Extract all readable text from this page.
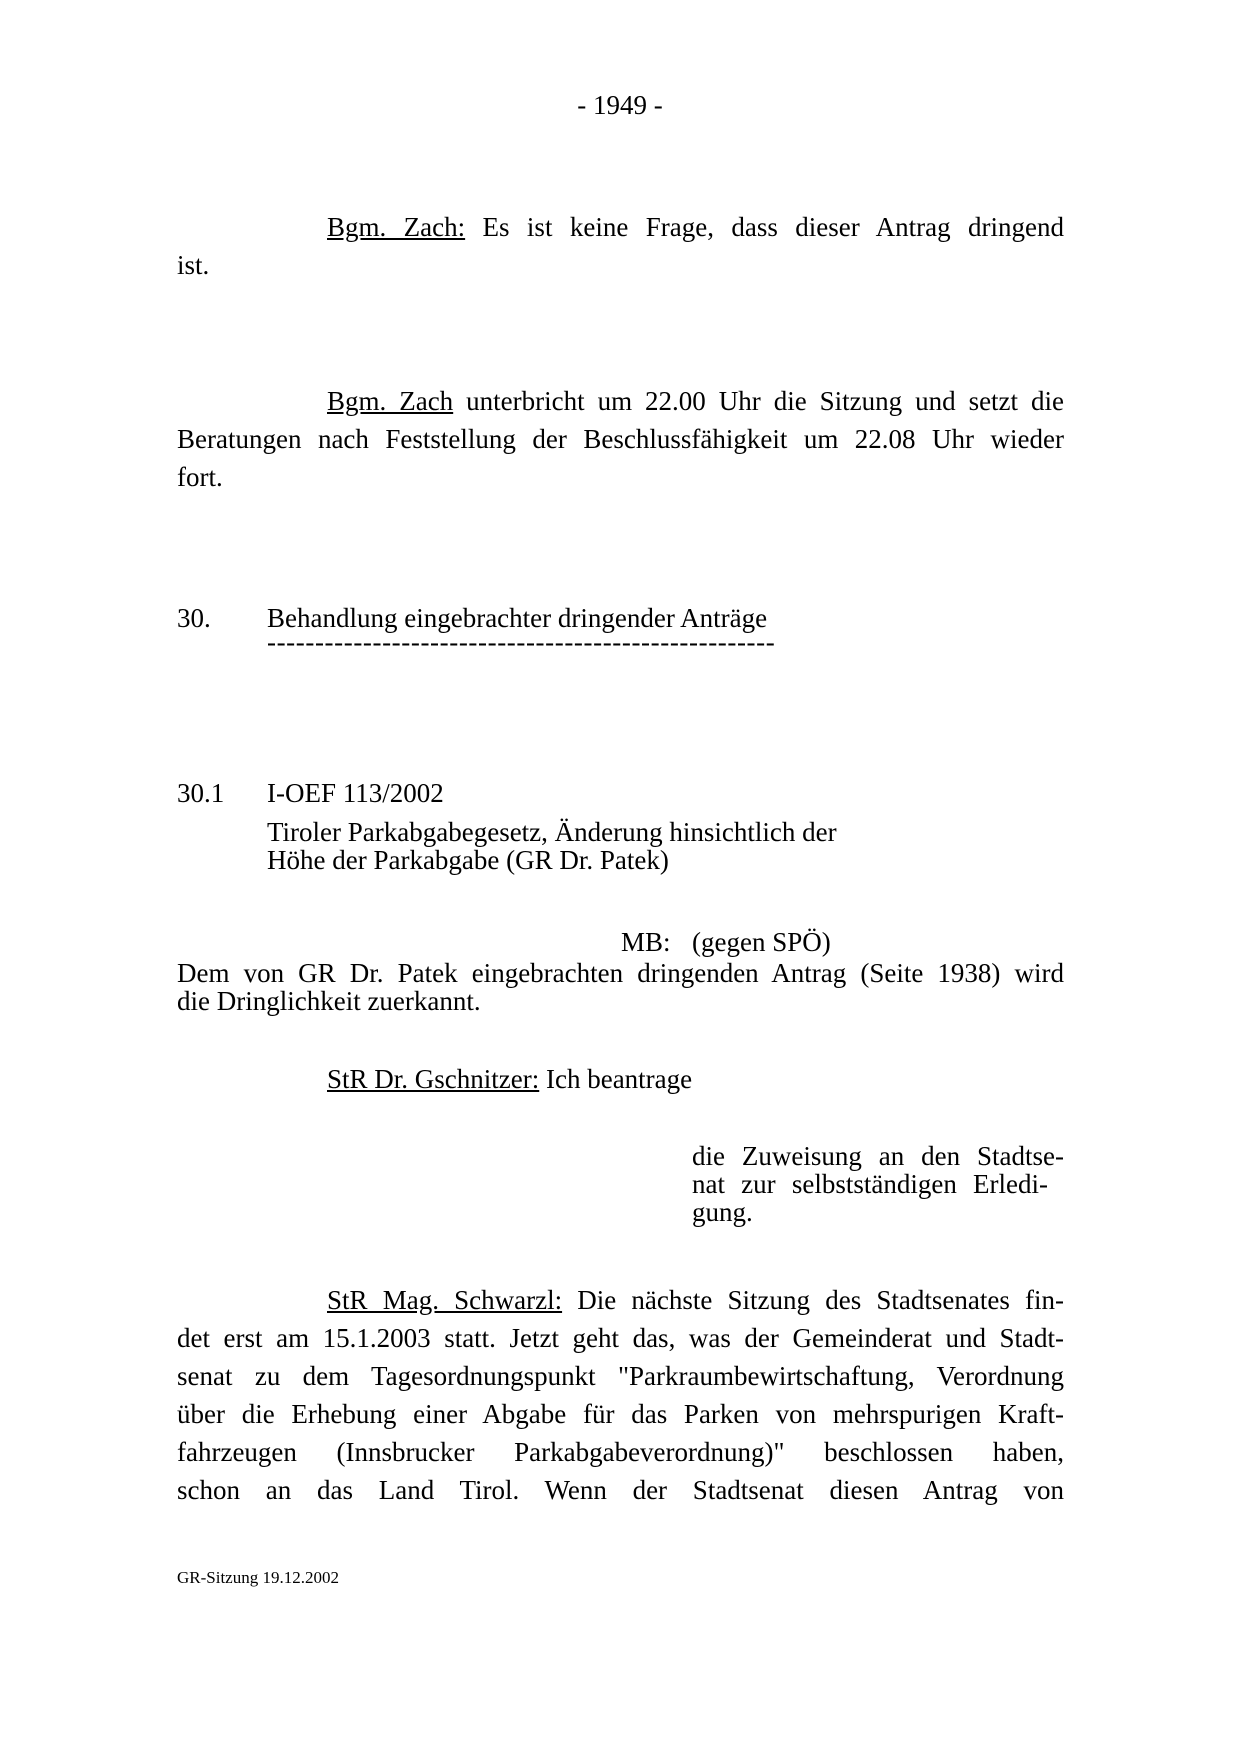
- 1949 -
Bgm. Zach: Es ist keine Frage, dass dieser Antrag dringend
ist.
Bgm. Zach unterbricht um 22.00 Uhr die Sitzung und setzt die
Beratungen nach Feststellung der Beschlussfähigkeit um 22.08 Uhr wieder
fort.
30. Behandlung eingebrachter dringender Anträge
-----------------------------------------------------
30.1 I-OEF 113/2002
Tiroler Parkabgabegesetz, Änderung hinsichtlich der
Höhe der Parkabgabe (GR Dr. Patek)
MB: (gegen SPÖ)
Dem von GR Dr. Patek eingebrachten dringenden Antrag (Seite 1938) wird
die Dringlichkeit zuerkannt.
StR Dr. Gschnitzer: Ich beantrage
die Zuweisung an den Stadtse-
nat zur selbstständigen Erledi-
gung.
StR Mag. Schwarzl: Die nächste Sitzung des Stadtsenates fin-
det erst am 15.1.2003 statt. Jetzt geht das, was der Gemeinderat und Stadt-
senat zu dem Tagesordnungspunkt "Parkraumbewirtschaftung, Verordnung
über die Erhebung einer Abgabe für das Parken von mehrspurigen Kraft-
fahrzeugen (Innsbrucker Parkabgabeverordnung)" beschlossen haben,
schon an das Land Tirol. Wenn der Stadtsenat diesen Antrag von
GR-Sitzung 19.12.2002
